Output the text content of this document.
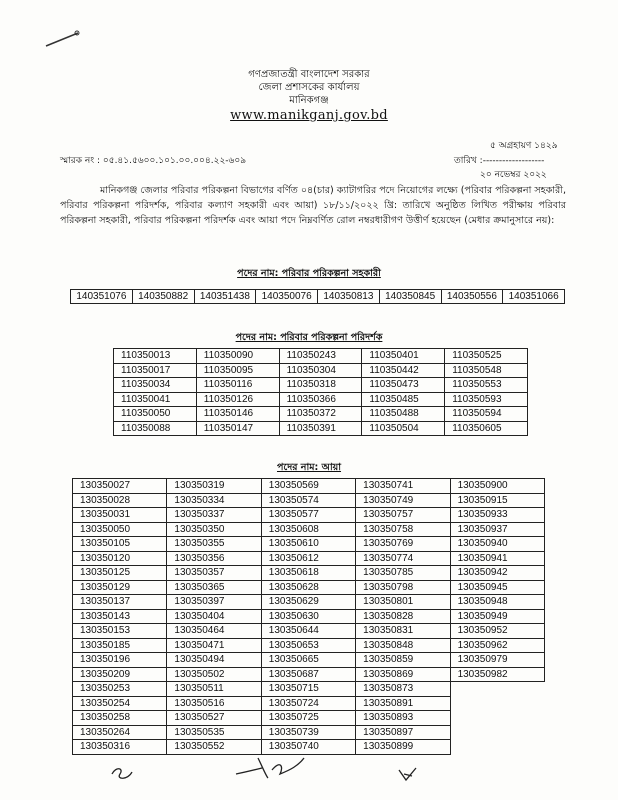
গণপ্রজাতন্ত্রী বাংলাদেশ সরকার
জেলা প্রশাসকের কার্যালয়
মানিকগঞ্জ
www.manikganj.gov.bd
৫ অগ্রহায়ণ ১৪২৯
স্মারক নং : ০৫.৪১.৫৬০০.১০১.০০.০০৪.২২-৬০৯	তারিখ :-------------------
২০ নভেম্বর ২০২২
মানিকগঞ্জ জেলার পরিবার পরিকল্পনা বিভাগের বর্ণিত ০৪(চার) ক্যাটাগরির পদে নিয়োগের লক্ষ্যে (পরিবার পরিকল্পনা সহকারী, পরিবার পরিকল্পনা পরিদর্শক, পরিবার কল্যাণ সহকারী এবং আয়া) ১৮/১১/২০২২ খ্রি: তারিখে অনুষ্ঠিত লিখিত পরীক্ষায় পরিবার পরিকল্পনা সহকারী, পরিবার পরিকল্পনা পরিদর্শক এবং আয়া পদে নিম্নবর্ণিত রোল নম্বরধারীগণ উত্তীর্ণ হয়েছেন (মেধার ক্রমানুসারে নয়):
পদের নাম: পরিবার পরিকল্পনা সহকারী
140351076	140350882	140351438	140350076	140350813	140350845	140350556	140351066
পদের নাম: পরিবার পরিকল্পনা পরিদর্শক
110350013	110350090	110350243	110350401	110350525
110350017	110350095	110350304	110350442	110350548
110350034	110350116	110350318	110350473	110350553
110350041	110350126	110350366	110350485	110350593
110350050	110350146	110350372	110350488	110350594
110350088	110350147	110350391	110350504	110350605
পদের নাম: আয়া
130350027	130350319	130350569	130350741	130350900
130350028	130350334	130350574	130350749	130350915
130350031	130350337	130350577	130350757	130350933
130350050	130350350	130350608	130350758	130350937
130350105	130350355	130350610	130350769	130350940
130350120	130350356	130350612	130350774	130350941
130350125	130350357	130350618	130350785	130350942
130350129	130350365	130350628	130350798	130350945
130350137	130350397	130350629	130350801	130350948
130350143	130350404	130350630	130350828	130350949
130350153	130350464	130350644	130350831	130350952
130350185	130350471	130350653	130350848	130350962
130350196	130350494	130350665	130350859	130350979
130350209	130350502	130350687	130350869	130350982
130350253	130350511	130350715	130350873	
130350254	130350516	130350724	130350891	
130350258	130350527	130350725	130350893	
130350264	130350535	130350739	130350897	
130350316	130350552	130350740	130350899	
